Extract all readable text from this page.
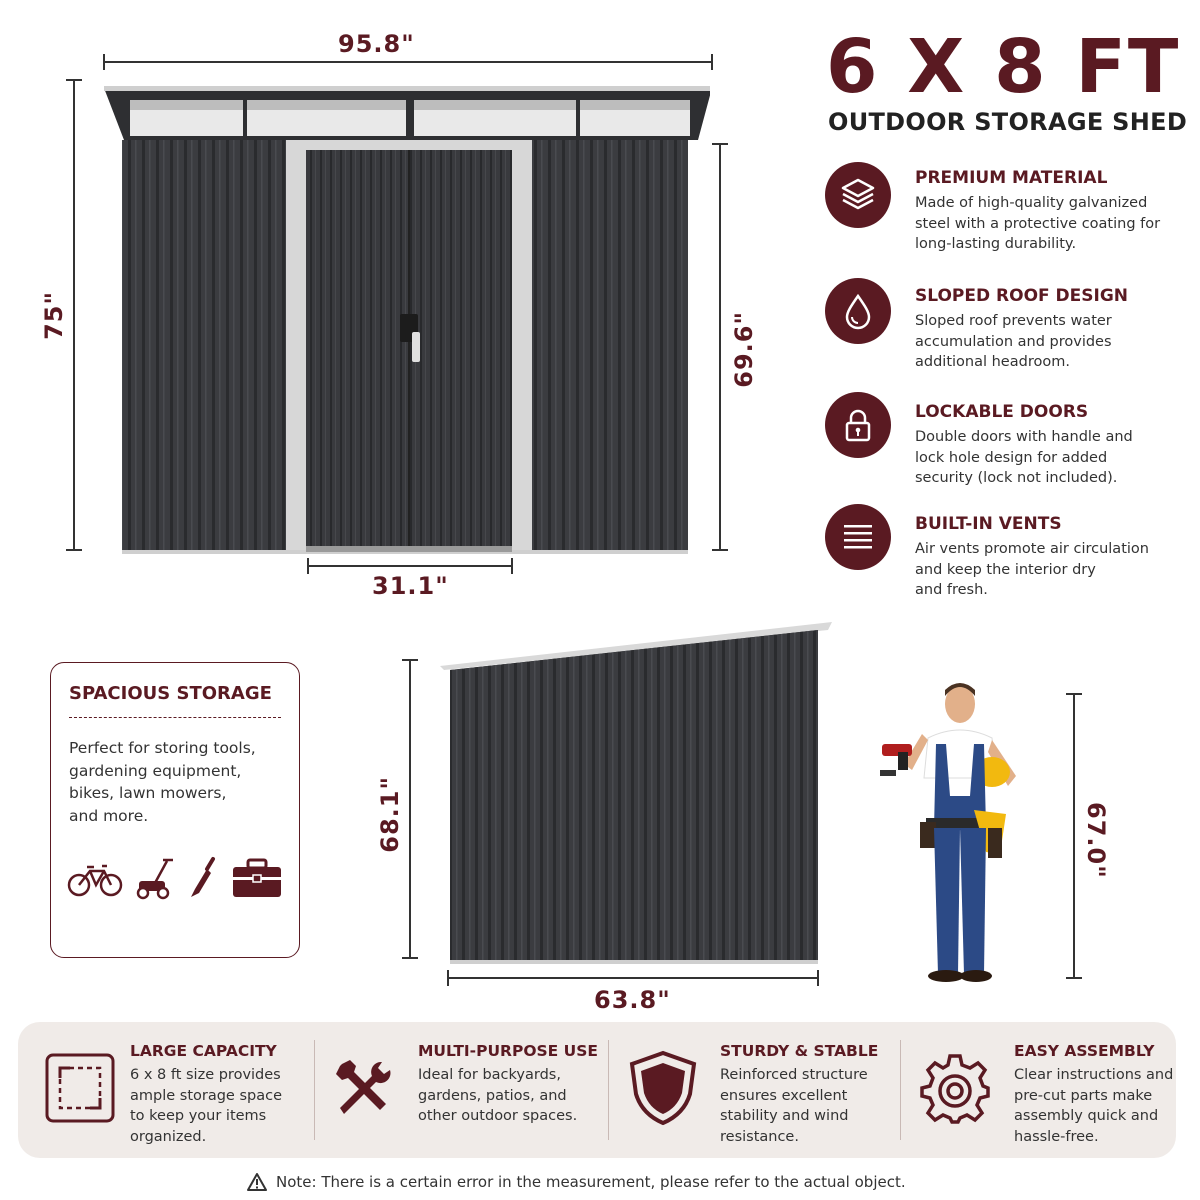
95.8"
75"	69.6"
31.1"
6 X 8 FT
OUTDOOR STORAGE SHED
PREMIUM MATERIAL
Made of high-quality galvanized
steel with a protective coating for
long-lasting durability.
SLOPED ROOF DESIGN
Sloped roof prevents water
accumulation and provides
additional headroom.
LOCKABLE DOORS
Double doors with handle and
lock hole design for added
security (lock not included).
BUILT-IN VENTS
Air vents promote air circulation
and keep the interior dry
and fresh.
SPACIOUS STORAGE
Perfect for storing tools,
gardening equipment,
bikes, lawn mowers,
and more.	68.1"
63.8"
67.0"
LARGE CAPACITY
6 x 8 ft size provides
ample storage space
to keep your items
organized.
MULTI-PURPOSE USE
Ideal for backyards,
gardens, patios, and
other outdoor spaces.
STURDY & STABLE
Reinforced structure
ensures excellent
stability and wind
resistance.
EASY ASSEMBLY
Clear instructions and
pre-cut parts make
assembly quick and
hassle-free.
Note: There is a certain error in the measurement, please refer to the actual object.
